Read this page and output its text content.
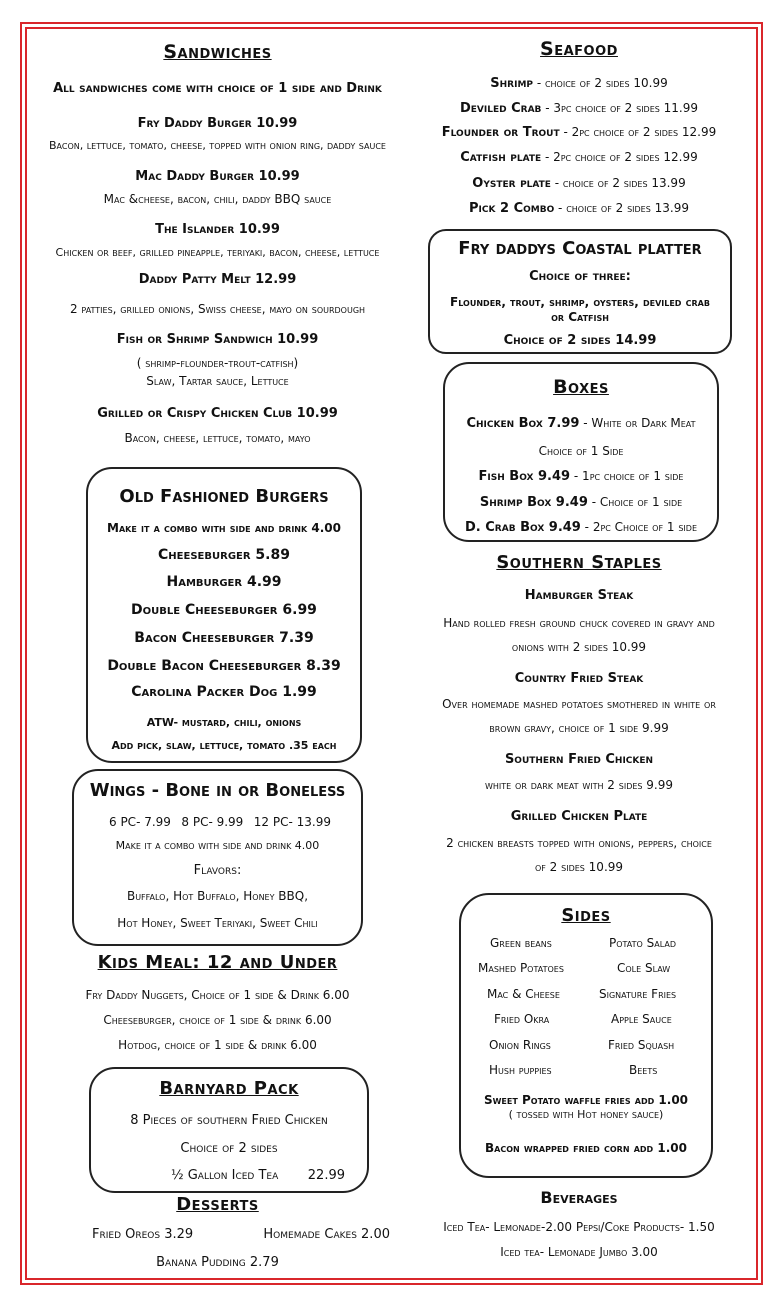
Sandwiches
All sandwiches come with choice of 1 side and Drink
Fry Daddy Burger 10.99
Bacon, lettuce, tomato, cheese, topped with onion ring, daddy sauce
Mac Daddy Burger 10.99
Mac &cheese, bacon, chili, daddy BBQ sauce
The Islander 10.99
Chicken or beef, grilled pineapple, teriyaki, bacon, cheese, lettuce
Daddy Patty Melt 12.99
2 patties, grilled onions, Swiss cheese, mayo on sourdough
Fish or Shrimp Sandwich 10.99
( shrimp-flounder-trout-catfish)
Slaw, Tartar sauce, Lettuce
Grilled or Crispy Chicken Club 10.99
Bacon, cheese, lettuce, tomato, mayo
Old Fashioned Burgers
Make it a combo with side and drink 4.00
Cheeseburger 5.89
Hamburger 4.99
Double Cheeseburger 6.99
Bacon Cheeseburger 7.39
Double Bacon Cheeseburger 8.39
Carolina Packer Dog 1.99
ATW- mustard, chili, onions
Add pick, slaw, lettuce, tomato .35 each
Wings - Bone in or Boneless
6 PC- 7.99 8 PC- 9.99 12 PC- 13.99
Make it a combo with side and drink 4.00
Flavors:
Buffalo, Hot Buffalo, Honey BBQ,
Hot Honey, Sweet Teriyaki, Sweet Chili
Kids Meal: 12 and Under
Fry Daddy Nuggets, Choice of 1 side & Drink 6.00
Cheeseburger, choice of 1 side & drink 6.00
Hotdog, choice of 1 side & drink 6.00
Barnyard Pack
8 Pieces of southern Fried Chicken
Choice of 2 sides
½ Gallon Iced Tea 22.99
Desserts
Fried Oreos 3.29	Homemade Cakes 2.00
Banana Pudding 2.79
Seafood
Shrimp - choice of 2 sides 10.99
Deviled Crab - 3pc choice of 2 sides 11.99
Flounder or Trout - 2pc choice of 2 sides 12.99
Catfish plate - 2pc choice of 2 sides 12.99
Oyster plate - choice of 2 sides 13.99
Pick 2 Combo - choice of 2 sides 13.99
Fry daddys Coastal platter
Choice of three:
Flounder, trout, shrimp, oysters, deviled crab
or Catfish
Choice of 2 sides 14.99
Boxes
Chicken Box 7.99 - White or Dark Meat
Choice of 1 Side
Fish Box 9.49 - 1pc choice of 1 side
Shrimp Box 9.49 - Choice of 1 side
D. Crab Box 9.49 - 2pc Choice of 1 side
Southern Staples
Hamburger Steak
Hand rolled fresh ground chuck covered in gravy and
onions with 2 sides 10.99
Country Fried Steak
Over homemade mashed potatoes smothered in white or
brown gravy, choice of 1 side 9.99
Southern Fried Chicken
white or dark meat with 2 sides 9.99
Grilled Chicken Plate
2 chicken breasts topped with onions, peppers, choice
of 2 sides 10.99
Sides
Green beans
Mashed Potatoes
Mac & Cheese
Fried Okra
Onion Rings
Hush puppies
Potato Salad
Cole Slaw
Signature Fries
Apple Sauce
Fried Squash
Beets
Sweet Potato waffle fries add 1.00
( tossed with Hot honey sauce)
Bacon wrapped fried corn add 1.00
Beverages
Iced Tea- Lemonade-2.00 Pepsi/Coke Products- 1.50
Iced tea- Lemonade Jumbo 3.00
